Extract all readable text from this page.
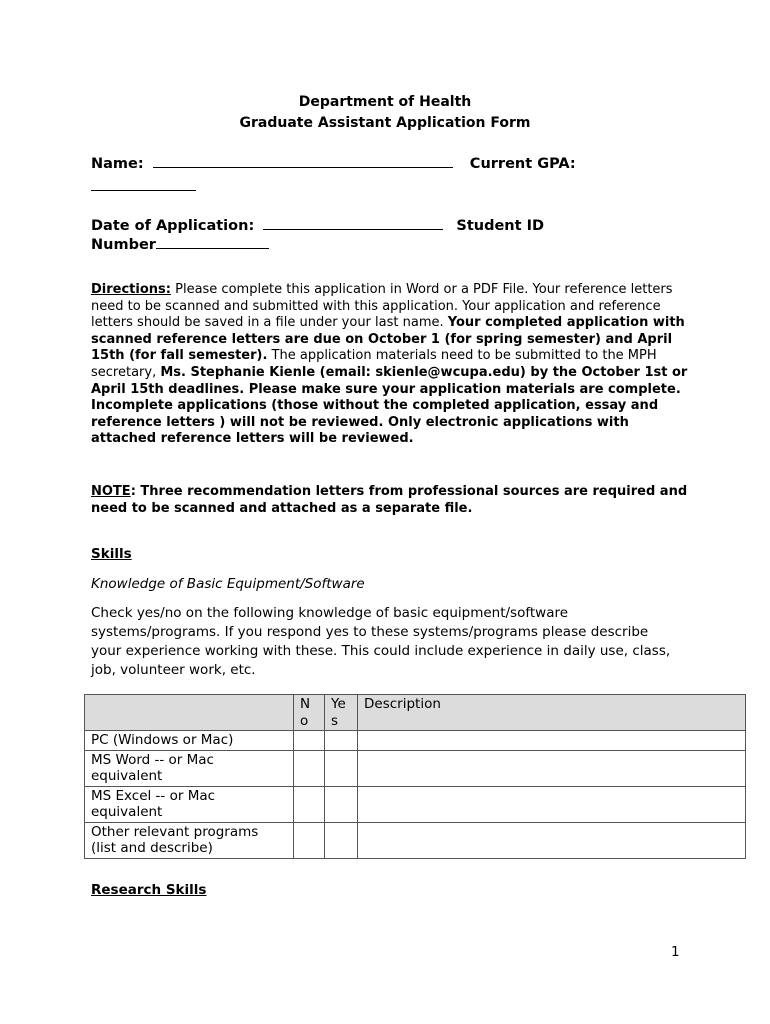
Department of Health
Graduate Assistant Application Form
Name:	Current GPA:
Date of Application:	Student ID
Number
Directions: Please complete this application in Word or a PDF File. Your reference letters need to be scanned and submitted with this application. Your application and reference letters should be saved in a file under your last name. Your completed application with scanned reference letters are due on October 1 (for spring semester) and April 15th (for fall semester). The application materials need to be submitted to the MPH secretary, Ms. Stephanie Kienle (email: skienle@wcupa.edu) by the October 1st or April 15th deadlines. Please make sure your application materials are complete. Incomplete applications (those without the completed application, essay and reference letters ) will not be reviewed. Only electronic applications with attached reference letters will be reviewed.
NOTE: Three recommendation letters from professional sources are required and need to be scanned and attached as a separate file.
Skills
Knowledge of Basic Equipment/Software
Check yes/no on the following knowledge of basic equipment/software systems/programs. If you respond yes to these systems/programs please describe your experience working with these. This could include experience in daily use, class, job, volunteer work, etc.
	No	Yes	Description
PC (Windows or Mac)			
MS Word -- or Mac equivalent			
MS Excel -- or Mac equivalent			
Other relevant programs (list and describe)			
Research Skills
1
